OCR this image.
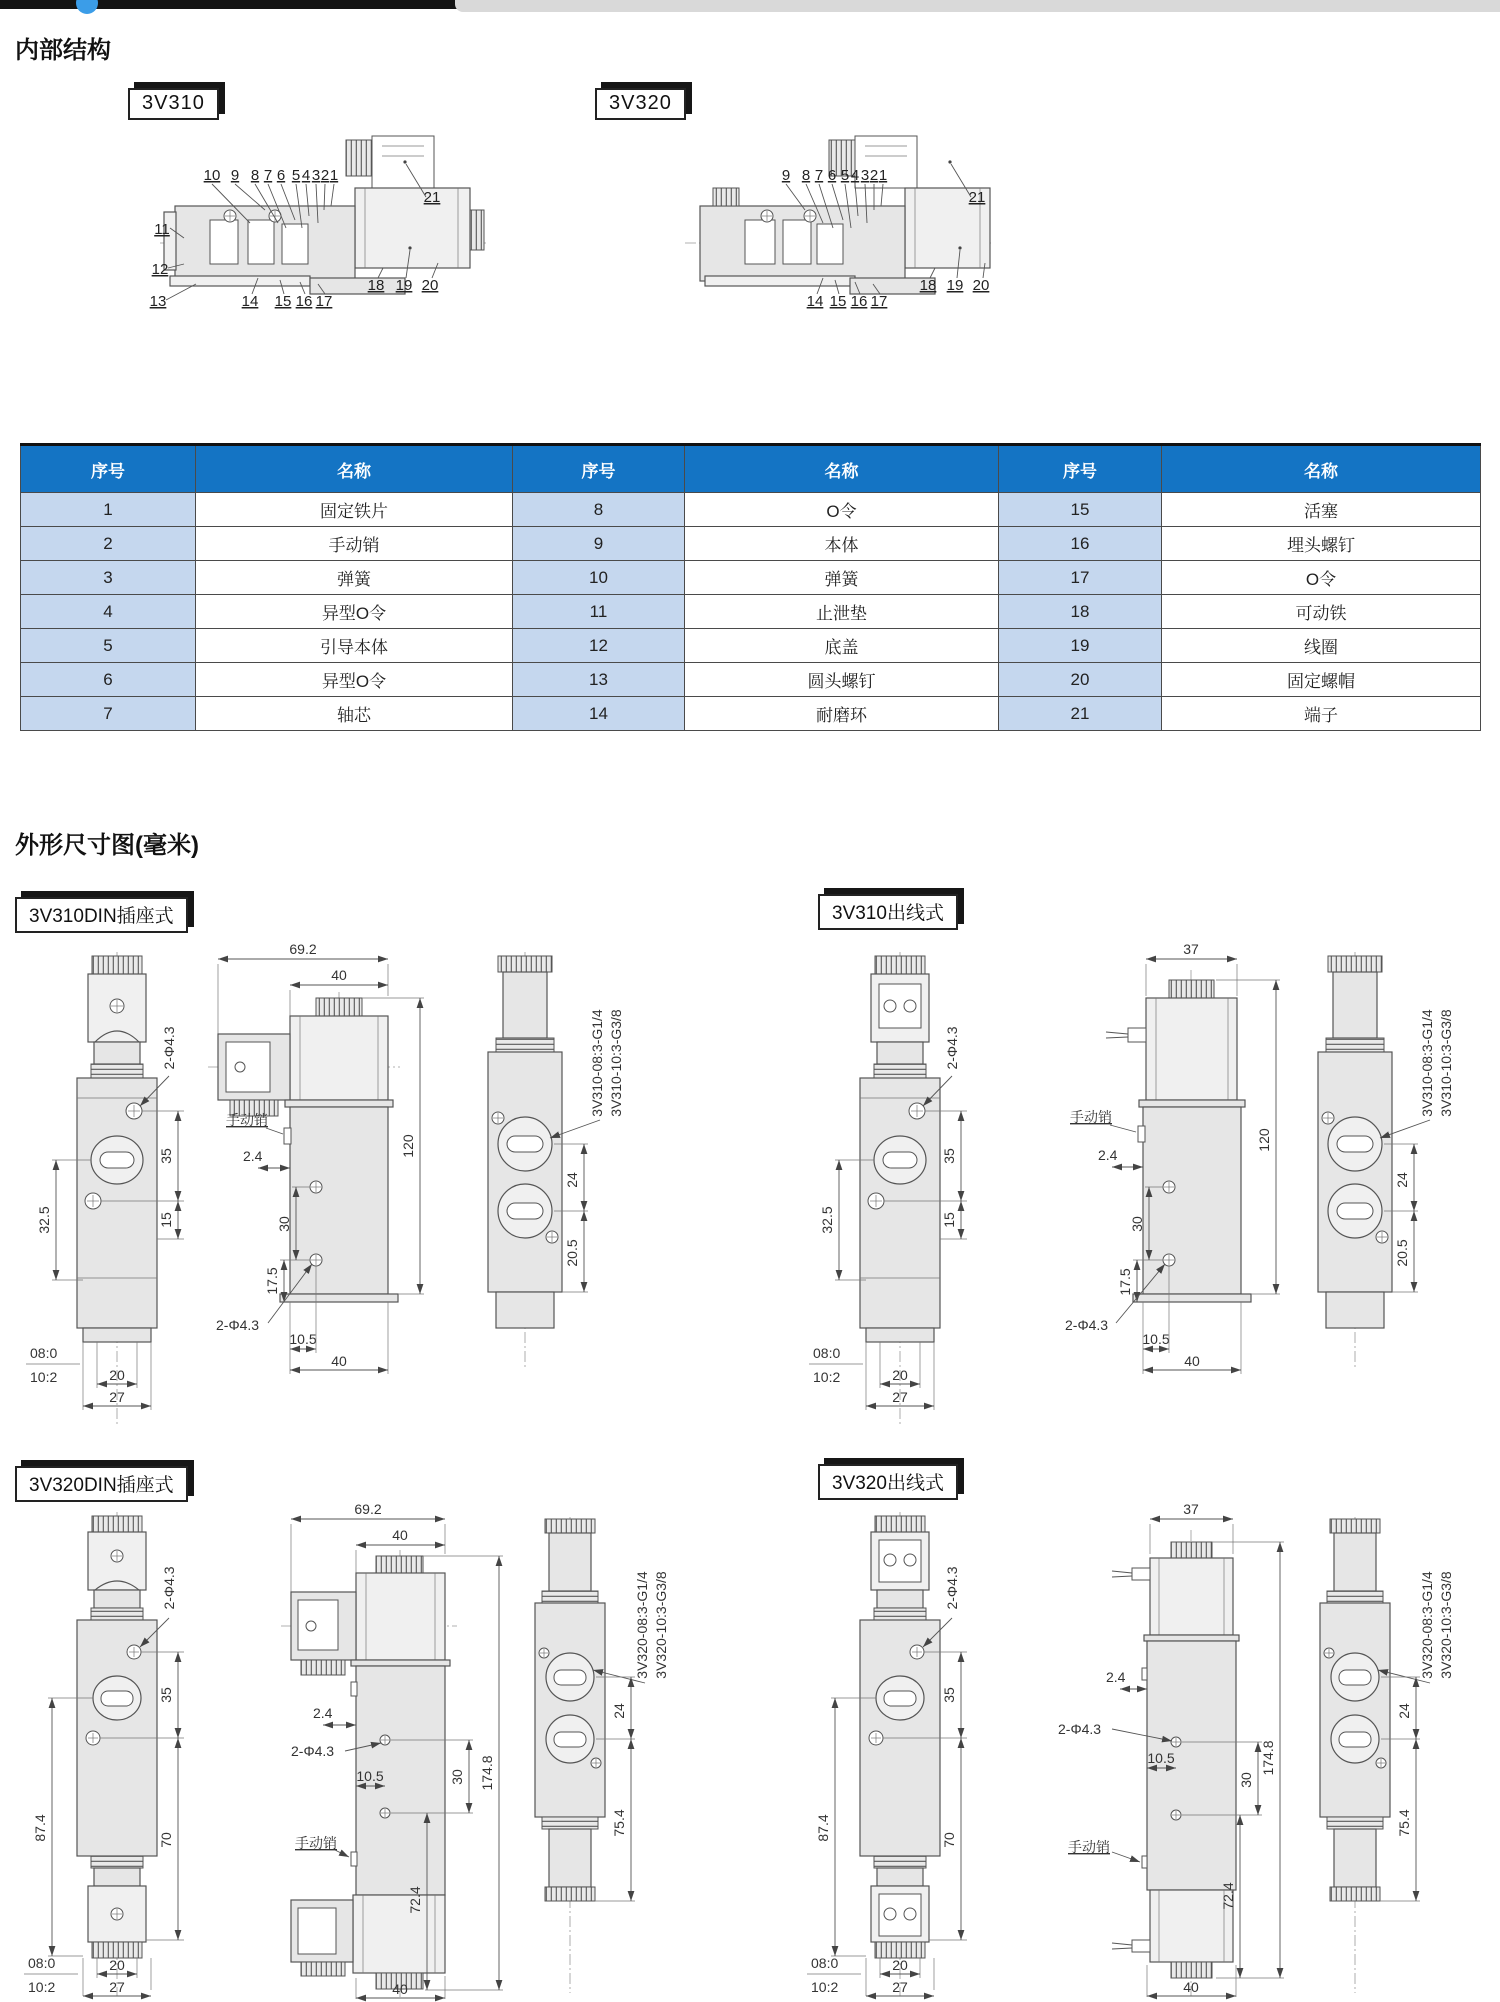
内部结构
3V310	3V320
10 9 8 7 6 5 4 3 2 1
21
11
12
13	14 15 16 17
18 19 20
9 8 7 6 5 4 3 2 1
21
14 15 16 17
18 19 20
序号	名称	序号	名称	序号	名称
1	固定铁片	8	O令	15	活塞
2	手动销	9	本体	16	埋头螺钉
3	弹簧	10	弹簧	17	O令
4	异型O令	11	止泄垫	18	可动铁
5	引导本体	12	底盖	19	线圈
6	异型O令	13	圆头螺钉	20	固定螺帽
7	轴芯	14	耐磨环	21	端子
外形尺寸图(毫米)
3V310DIN插座式	3V310出线式
3V320DIN插座式	3V320出线式
2-Φ4.3
35
15
32.5
08:0
10:2	20
27
69.2
40
120
手动销
2.4
30
17.5
2-Φ4.3
10.5
40
3V310-08:3-G1/4 3V310-10:3-G3/8
24
20.5
2-Φ4.3
35
15
32.5
08:0
10:2	20
27
37
120
手动销
2.4
30
17.5
2-Φ4.3
10.5
40
3V310-08:3-G1/4 3V310-10:3-G3/8
24
20.5
2-Φ4.3
35
70
87.4
08:0
10:2
20
27
69.2
40
2.4
2-Φ4.3
10.5	30 174.8
手动销
72.4
40
3V320-08:3-G1/4 3V320-10:3-G3/8
24
75.4
2-Φ4.3
35
70
87.4
08:0
10:2
20
27
37
2.4
2-Φ4.3
10.5
30
手动销
174.8
72.4
40
3V320-08:3-G1/4 3V320-10:3-G3/8
24
75.4
